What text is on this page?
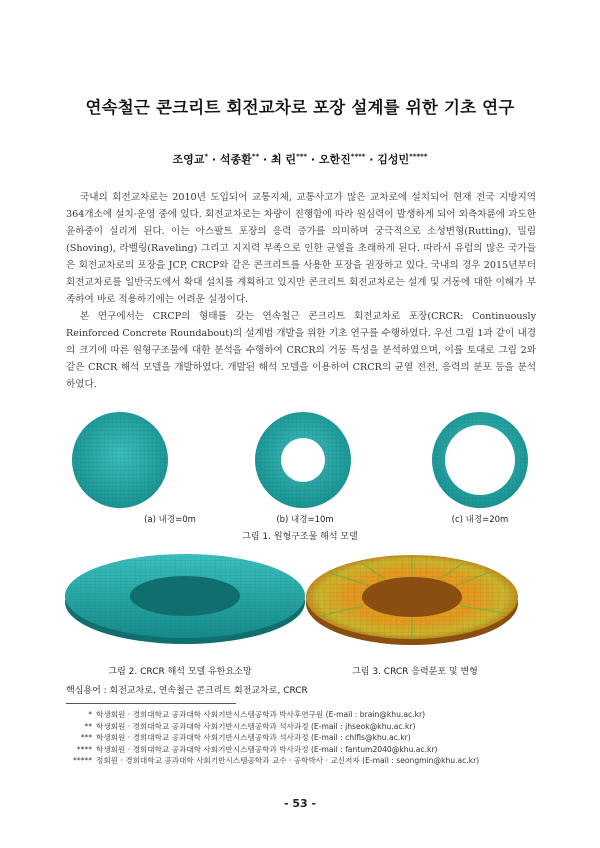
연속철근 콘크리트 회전교차로 포장 설계를 위한 기초 연구
조영교* · 석종환** · 최 린*** · 오한진**** · 김성민*****

국내의 회전교차로는 2010년 도입되어 교통지체, 교통사고가 많은 교차로에 설치되어 현재 전국 지방지역 364개소에 설치·운영 중에 있다. 회전교차로는 차량이 진행함에 따라 원심력이 발생하게 되어 외측차륜에 과도한 윤하중이 실리게 된다. 이는 아스팔트 포장의 응력 증가를 의미하며 궁극적으로 소성변형(Rutting), 밀림(Shoving), 라벨링(Raveling) 그리고 지지력 부족으로 인한 균열을 초래하게 된다. 따라서 유럽의 많은 국가들은 회전교차로의 포장을 JCP, CRCP와 같은 콘크리트를 사용한 포장을 권장하고 있다. 국내의 경우 2015년부터 회전교차로를 일반국도에서 확대 설치를 계획하고 있지만 콘크리트 회전교차로는 설계 및 거동에 대한 이해가 부족하여 바로 적용하기에는 어려운 실정이다.

본 연구에서는 CRCP의 형태를 갖는 연속철근 콘크리트 회전교차로 포장(CRCR: Continuously Reinforced Concrete Roundabout)의 설계법 개발을 위한 기초 연구를 수행하였다. 우선 그림 1과 같이 내경의 크기에 따른 원형구조물에 대한 분석을 수행하여 CRCR의 거동 특성을 분석하였으며, 이를 토대로 그림 2와 같은 CRCR 해석 모델을 개발하였다. 개발된 해석 모델을 이용하여 CRCR의 균열 전전, 응력의 분포 등을 분석하였다.

(a) 내경=0m	(b) 내경=10m	(c) 내경=20m
그림 1. 원형구조물 해석 모델
그림 2. CRCR 해석 모델 유한요소망	그림 3. CRCR 응력분포 및 변형
핵심용어 : 회전교차로, 연속철근 콘크리트 회전교차로, CRCR
* 학생회원 · 경희대학교 공과대학 사회기반시스템공학과 박사후연구원 (E-mail : brain@khu.ac.kr)
** 학생회원 · 경희대학교 공과대학 사회기반시스템공학과 석사과정 (E-mail : jhseok@khu.ac.kr)
*** 학생회원 · 경희대학교 공과대학 사회기반시스템공학과 석사과정 (E-mail : chlfls@khu.ac.kr)
**** 학생회원 · 경희대학교 공과대학 사회기반시스템공학과 박사과정 (E-mail : fantum2040@khu.ac.kr)
***** 정회원 · 경희대학교 공과대학 사회기반시스템공학과 교수 · 공학박사 · 교신저자 (E-mail : seongmin@khu.ac.kr)
- 53 -
